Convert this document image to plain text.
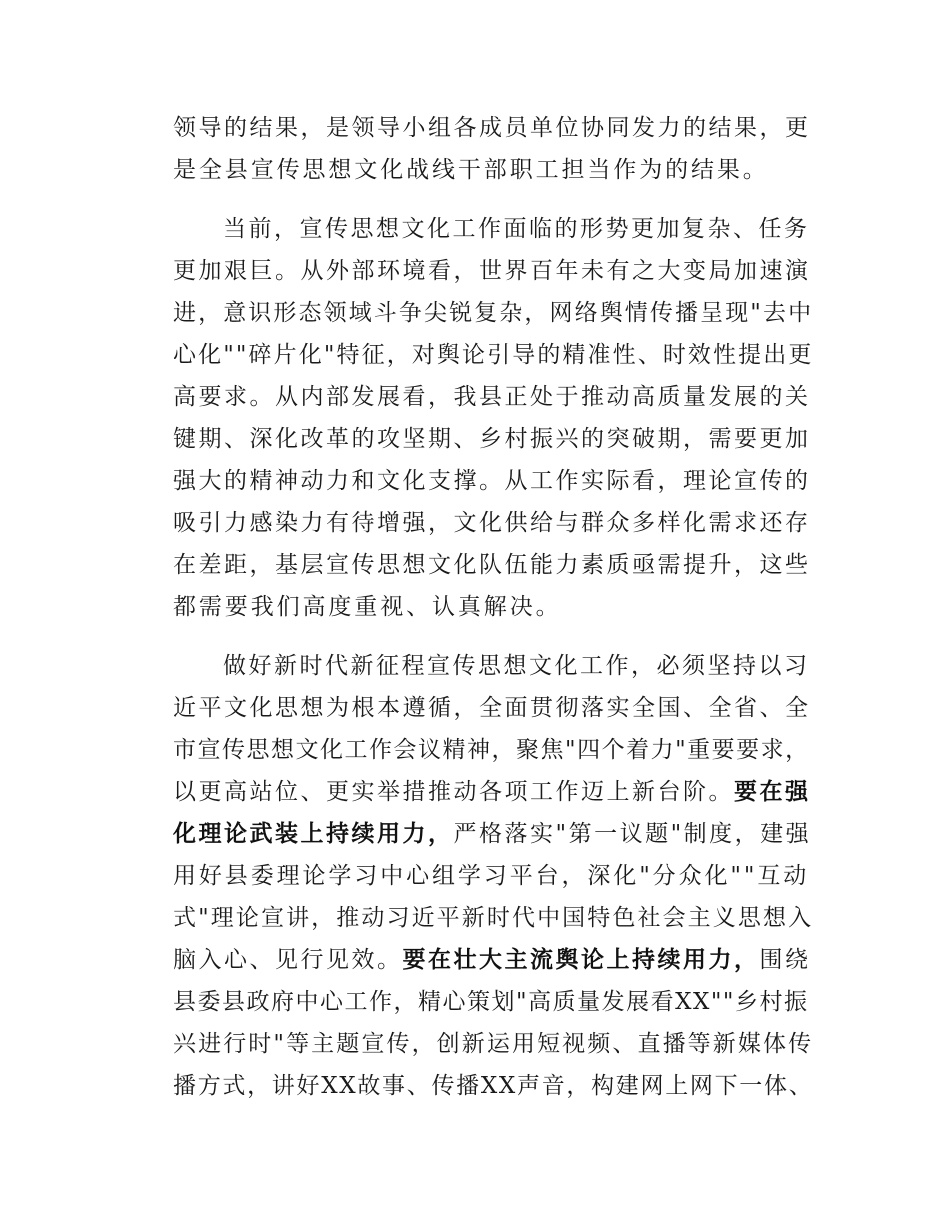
领导的结果，是领导小组各成员单位协同发力的结果，更
是全县宣传思想文化战线干部职工担当作为的结果。
当前，宣传思想文化工作面临的形势更加复杂、任务
更加艰巨。从外部环境看，世界百年未有之大变局加速演
进，意识形态领域斗争尖锐复杂，网络舆情传播呈现"去中
心化""碎片化"特征，对舆论引导的精准性、时效性提出更
高要求。从内部发展看，我县正处于推动高质量发展的关
键期、深化改革的攻坚期、乡村振兴的突破期，需要更加
强大的精神动力和文化支撑。从工作实际看，理论宣传的
吸引力感染力有待增强，文化供给与群众多样化需求还存
在差距，基层宣传思想文化队伍能力素质亟需提升，这些
都需要我们高度重视、认真解决。
做好新时代新征程宣传思想文化工作，必须坚持以习
近平文化思想为根本遵循，全面贯彻落实全国、全省、全
市宣传思想文化工作会议精神，聚焦"四个着力"重要要求，
以更高站位、更实举措推动各项工作迈上新台阶。要在强
化理论武装上持续用力，严格落实"第一议题"制度，建强
用好县委理论学习中心组学习平台，深化"分众化""互动
式"理论宣讲，推动习近平新时代中国特色社会主义思想入
脑入心、见行见效。要在壮大主流舆论上持续用力，围绕
县委县政府中心工作，精心策划"高质量发展看XX""乡村振
兴进行时"等主题宣传，创新运用短视频、直播等新媒体传
播方式，讲好XX故事、传播XX声音，构建网上网下一体、
